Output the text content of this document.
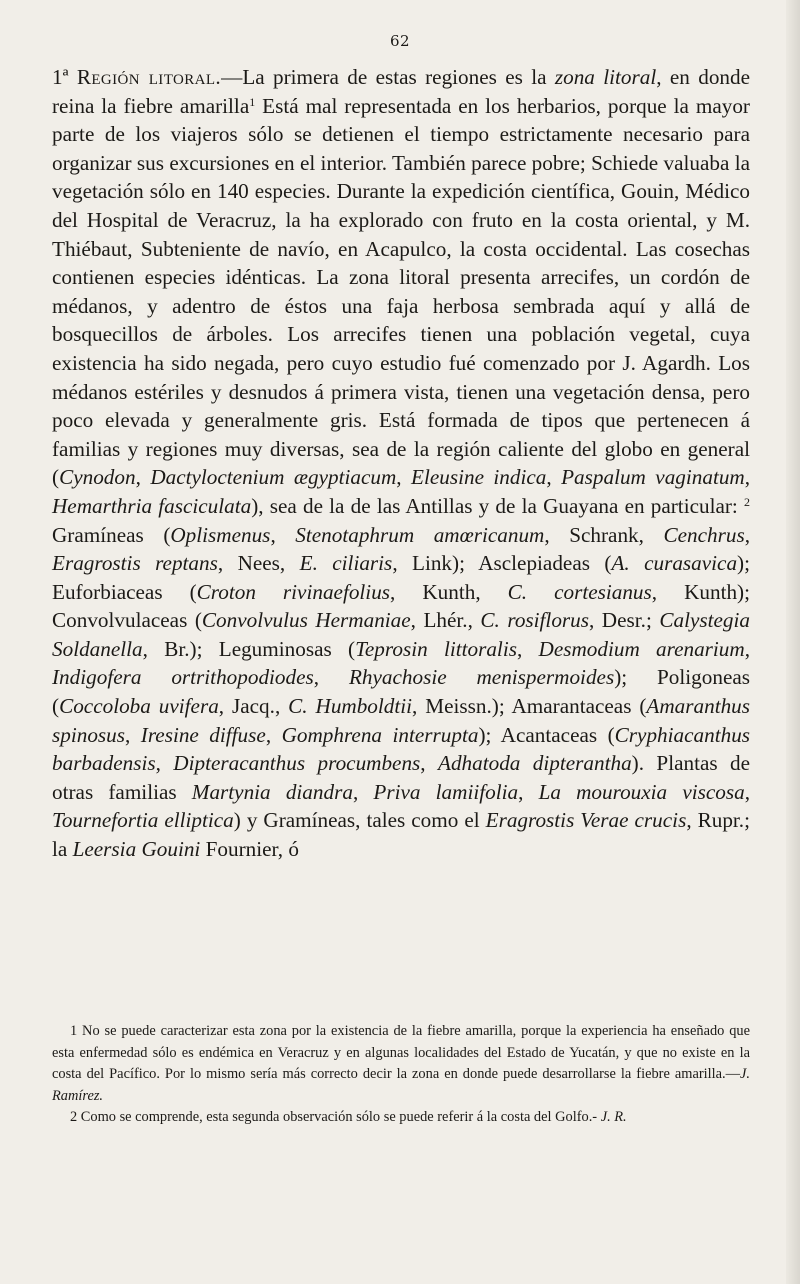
62

1ª Región litoral.—La primera de estas regiones es la zona litoral, en donde reina la fiebre amarilla$^1$ Está mal representada en los herbarios, porque la mayor parte de los viajeros sólo se detienen el tiempo estrictamente necesario para organizar sus excursiones en el interior. También parece pobre; Schiede valuaba la vegetación sólo en 140 especies. Durante la expedición científica, Gouin, Médico del Hospital de Veracruz, la ha explorado con fruto en la costa oriental, y M. Thiébaut, Subteniente de navío, en Acapulco, la costa occidental. Las cosechas contienen especies idénticas. La zona litoral presenta arrecifes, un cordón de médanos, y adentro de éstos una faja herbosa sembrada aquí y allá de bosquecillos de árboles. Los arrecifes tienen una población vegetal, cuya existencia ha sido negada, pero cuyo estudio fué comenzado por J. Agardh. Los médanos estériles y desnudos á primera vista, tienen una vegetación densa, pero poco elevada y generalmente gris. Está formada de tipos que pertenecen á familias y regiones muy diversas, sea de la región caliente del globo en general (Cynodon, Dactyloctenium ægyptiacum, Eleusine indica, Paspalum vaginatum, Hemarthria fasciculata), sea de la de las Antillas y de la Guayana en particular: $^2$ Gramíneas (Oplismenus, Stenotaphrum amœricanum, Schrank, Cenchrus, Eragrostis reptans, Nees, E. ciliaris, Link); Asclepiadeas (A. curasavica); Euforbiaceas (Croton rivinaefolius, Kunth, C. cortesianus, Kunth); Convolvulaceas (Convolvulus Hermaniae, Lhér., C. rosiflorus, Desr.; Calystegia Soldanella, Br.); Leguminosas (Teprosin littoralis, Desmodium arenarium, Indigofera ortrithopodiodes, Rhyachosie menispermoides); Poligoneas (Coccoloba uvifera, Jacq., C. Humboldtii, Meissn.); Amarantaceas (Amaranthus spinosus, Iresine diffuse, Gomphrena interrupta); Acantaceas (Cryphiacanthus barbadensis, Dipteracanthus procumbens, Adhatoda dipterantha). Plantas de otras familias Martynia diandra, Priva lamiifolia, La mourouxia viscosa, Tournefortia elliptica) y Gramíneas, tales como el Eragrostis Verae crucis, Rupr.; la Leersia Gouini Fournier, ó

1 No se puede caracterizar esta zona por la existencia de la fiebre amarilla, porque la experiencia ha enseñado que esta enfermedad sólo es endémica en Veracruz y en algunas localidades del Estado de Yucatán, y que no existe en la costa del Pacífico. Por lo mismo sería más correcto decir la zona en donde puede desarrollarse la fiebre amarilla.—J. Ramírez.

2 Como se comprende, esta segunda observación sólo se puede referir á la costa del Golfo.- J. R.
